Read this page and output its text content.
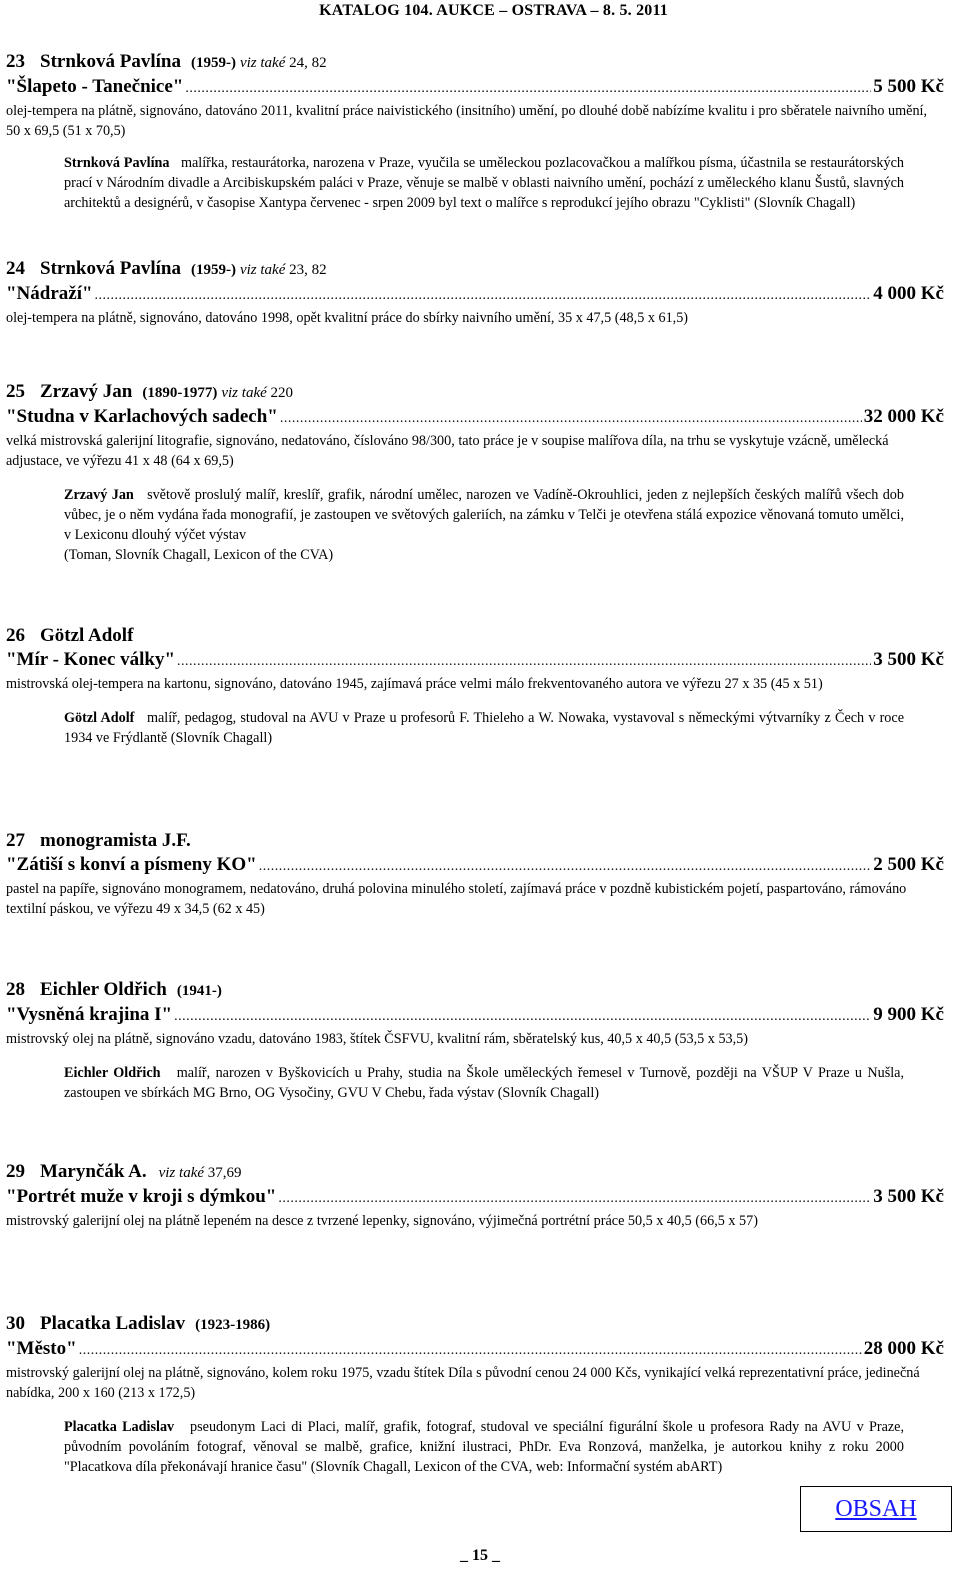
KATALOG 104. AUKCE – OSTRAVA – 8. 5. 2011
23 Strnková Pavlína (1959-) viz také 24, 82
"Šlapeto - Tanečnice" .....	5 500 Kč

olej-tempera na plátně, signováno, datováno 2011, kvalitní práce naivistického (insitního) umění, po dlouhé době nabízíme kvalitu i pro sběratele naivního umění, 50 x 69,5 (51 x 70,5)

Strnková Pavlína malířka, restaurátorka, narozena v Praze, vyučila se uměleckou pozlacovačkou a malířkou písma, účastnila se restaurátorských prací v Národním divadle a Arcibiskupském paláci v Praze, věnuje se malbě v oblasti naivního umění, pochází z uměleckého klanu Šustů, slavných architektů a designérů, v časopise Xantypa červenec - srpen 2009 byl text o malířce s reprodukcí jejího obrazu "Cyklisti" (Slovník Chagall)
24 Strnková Pavlína (1959-) viz také 23, 82
"Nádraží" .....	4 000 Kč

olej-tempera na plátně, signováno, datováno 1998, opět kvalitní práce do sbírky naivního umění, 35 x 47,5 (48,5 x 61,5)

25 Zrzavý Jan (1890-1977) viz také 220
"Studna v Karlachových sadech" .....	32 000 Kč

velká mistrovská galerijní litografie, signováno, nedatováno, číslováno 98/300, tato práce je v soupise malířova díla, na trhu se vyskytuje vzácně, umělecká adjustace, ve výřezu 41 x 48 (64 x 69,5)

Zrzavý Jan světově proslulý malíř, kreslíř, grafik, národní umělec, narozen ve Vadíně-Okrouhlici, jeden z nejlepších českých malířů všech dob vůbec, je o něm vydána řada monografií, je zastoupen ve světových galeriích, na zámku v Telči je otevřena stálá expozice věnovaná tomuto umělci, v Lexiconu dlouhý výčet výstav
(Toman, Slovník Chagall, Lexicon of the CVA)
26 Götzl Adolf
"Mír - Konec války" .....	3 500 Kč

mistrovská olej-tempera na kartonu, signováno, datováno 1945, zajímavá práce velmi málo frekventovaného autora ve výřezu 27 x 35 (45 x 51)

Götzl Adolf malíř, pedagog, studoval na AVU v Praze u profesorů F. Thieleho a W. Nowaka, vystavoval s německými výtvarníky z Čech v roce 1934 ve Frýdlantě (Slovník Chagall)
27 monogramista J.F.
"Zátiší s konví a písmeny KO" .....	2 500 Kč

pastel na papíře, signováno monogramem, nedatováno, druhá polovina minulého století, zajímavá práce v pozdně kubistickém pojetí, paspartováno, rámováno textilní páskou, ve výřezu 49 x 34,5 (62 x 45)

28 Eichler Oldřich (1941-)
"Vysněná krajina I" .....	9 900 Kč

mistrovský olej na plátně, signováno vzadu, datováno 1983, štítek ČSFVU, kvalitní rám, sběratelský kus, 40,5 x 40,5 (53,5 x 53,5)

Eichler Oldřich malíř, narozen v Byškovicích u Prahy, studia na Škole uměleckých řemesel v Turnově, později na VŠUP V Praze u Nušla, zastoupen ve sbírkách MG Brno, OG Vysočiny, GVU V Chebu, řada výstav (Slovník Chagall)
29 Marynčák A. viz také 37,69
"Portrét muže v kroji s dýmkou" .....	3 500 Kč

mistrovský galerijní olej na plátně lepeném na desce z tvrzené lepenky, signováno, výjimečná portrétní práce 50,5 x 40,5 (66,5 x 57)

30 Placatka Ladislav (1923-1986)
"Město" .....	28 000 Kč

mistrovský galerijní olej na plátně, signováno, kolem roku 1975, vzadu štítek Díla s původní cenou 24 000 Kčs, vynikající velká reprezentativní práce, jedinečná nabídka, 200 x 160 (213 x 172,5)

Placatka Ladislav pseudonym Laci di Placi, malíř, grafik, fotograf, studoval ve speciální figurální škole u profesora Rady na AVU v Praze, původním povoláním fotograf, věnoval se malbě, grafice, knižní ilustraci, PhDr. Eva Ronzová, manželka, je autorkou knihy z roku 2000 "Placatkova díla překonávají hranice času" (Slovník Chagall, Lexicon of the CVA, web: Informační systém abART)
OBSAH
_ 15 _
